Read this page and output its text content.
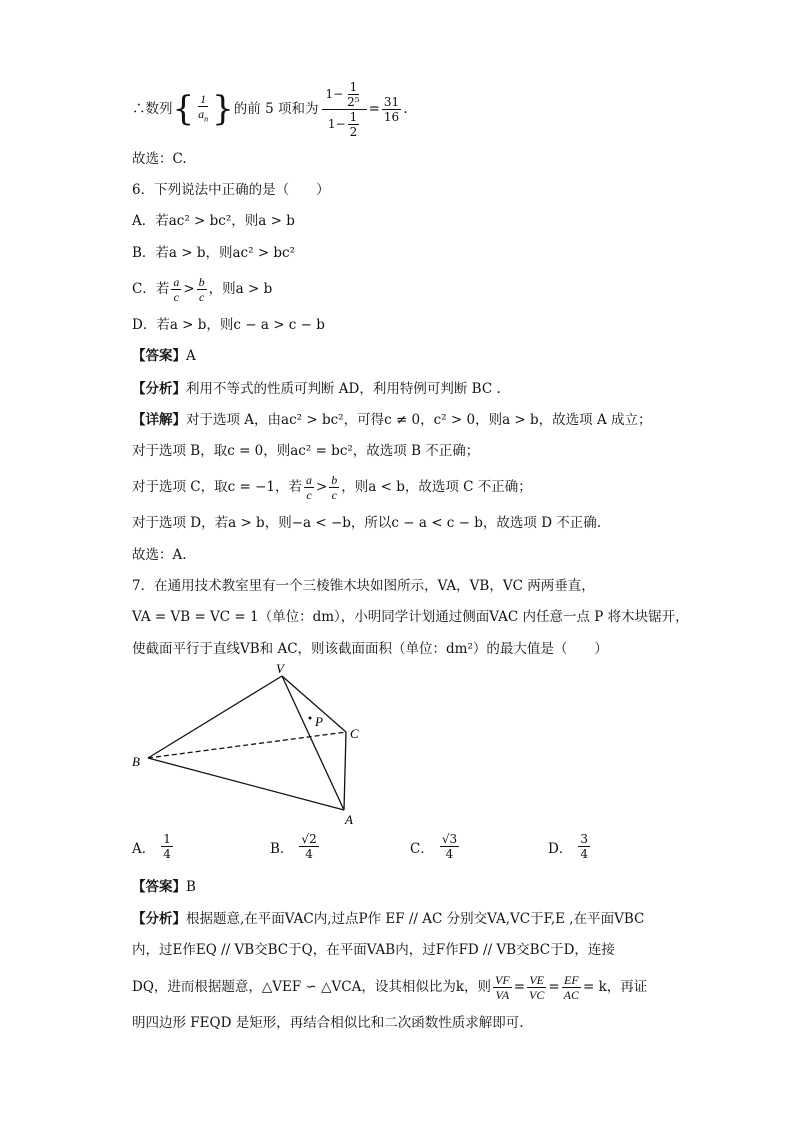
∴数列 { $\frac{1}{a_n}$ } 的前 5 项和为 $\frac{1- \frac{1}{\text{2⁵}}}{1- \frac{1}{2}} = \frac{31}{16}$ .
故选：C.
6．下列说法中正确的是（　　）
A．若ac² > bc²，则a > b
B．若a > b，则ac² > bc²
C．若 $\frac{a}{c} > \frac{b}{c}$ ，则a > b
D．若a > b，则c − a > c − b
【答案】A
【分析】利用不等式的性质可判断 AD，利用特例可判断 BC .
【详解】对于选项 A，由ac² > bc²，可得c ≠ 0，c² > 0，则a > b，故选项 A 成立；
对于选项 B，取c = 0，则ac² = bc²，故选项 B 不正确；
对于选项 C，取c = −1，若 $\frac{a}{c} > \frac{b}{c}$ ，则a < b，故选项 C 不正确；
对于选项 D，若a > b，则−a < −b，所以c − a < c − b，故选项 D 不正确.
故选：A.
7．在通用技术教室里有一个三棱锥木块如图所示，VA，VB，VC 两两垂直，
VA = VB = VC = 1（单位：dm），小明同学计划通过侧面VAC 内任意一点 P 将木块锯开，
使截面平行于直线VB和 AC，则该截面面积（单位：dm²）的最大值是（　　）
V
P
C
B
A
A． $\frac{1}{4}$	B． $\frac{√2}{4}$	C． $\frac{√3}{4}$	D． $\frac{3}{4}$
【答案】B
【分析】根据题意,在平面VAC内,过点P作 EF // AC 分别交VA,VC于F,E ,在平面VBC
内，过E作EQ // VB交BC于Q，在平面VAB内，过F作FD // VB交BC于D，连接
DQ，进而根据题意，△VEF ∽ △VCA，设其相似比为k，则 $\frac{VF}{VA} = \frac{VE}{VC} = \frac{EF}{AC} = k$，再证
明四边形 FEQD 是矩形，再结合相似比和二次函数性质求解即可.
